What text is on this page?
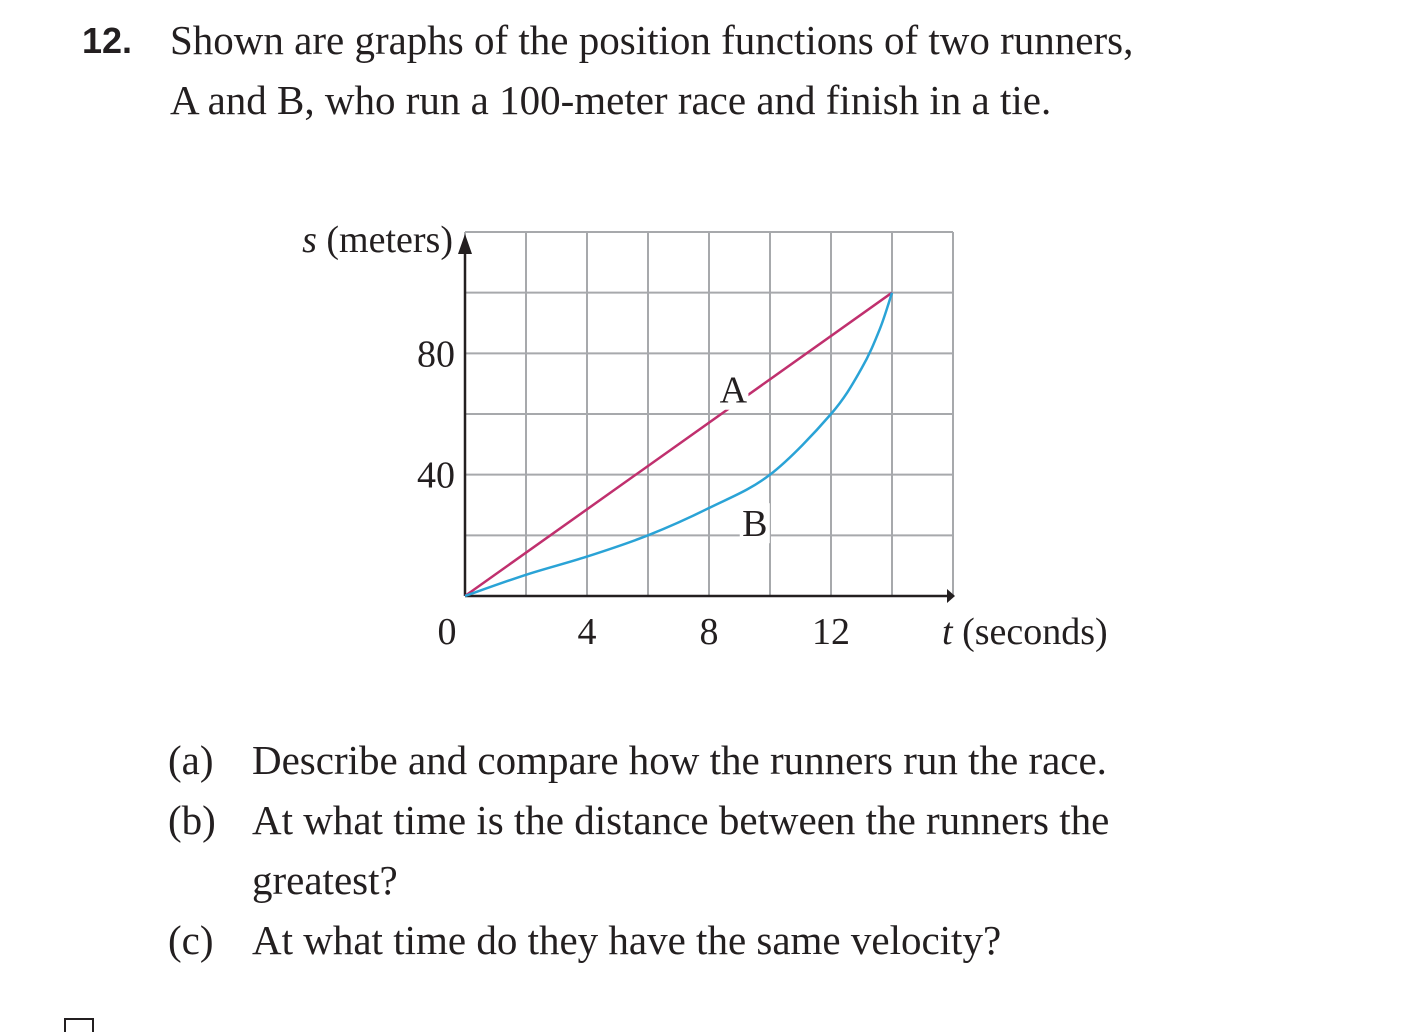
12. Shown are graphs of the position functions of two runners,
A and B, who run a 100-meter race and finish in a tie.
A
B
0	4	8 12
40
80
s (meters)
t (seconds)
(a) Describe and compare how the runners run the race.
(b) At what time is the distance between the runners the
greatest?
(c) At what time do they have the same velocity?
